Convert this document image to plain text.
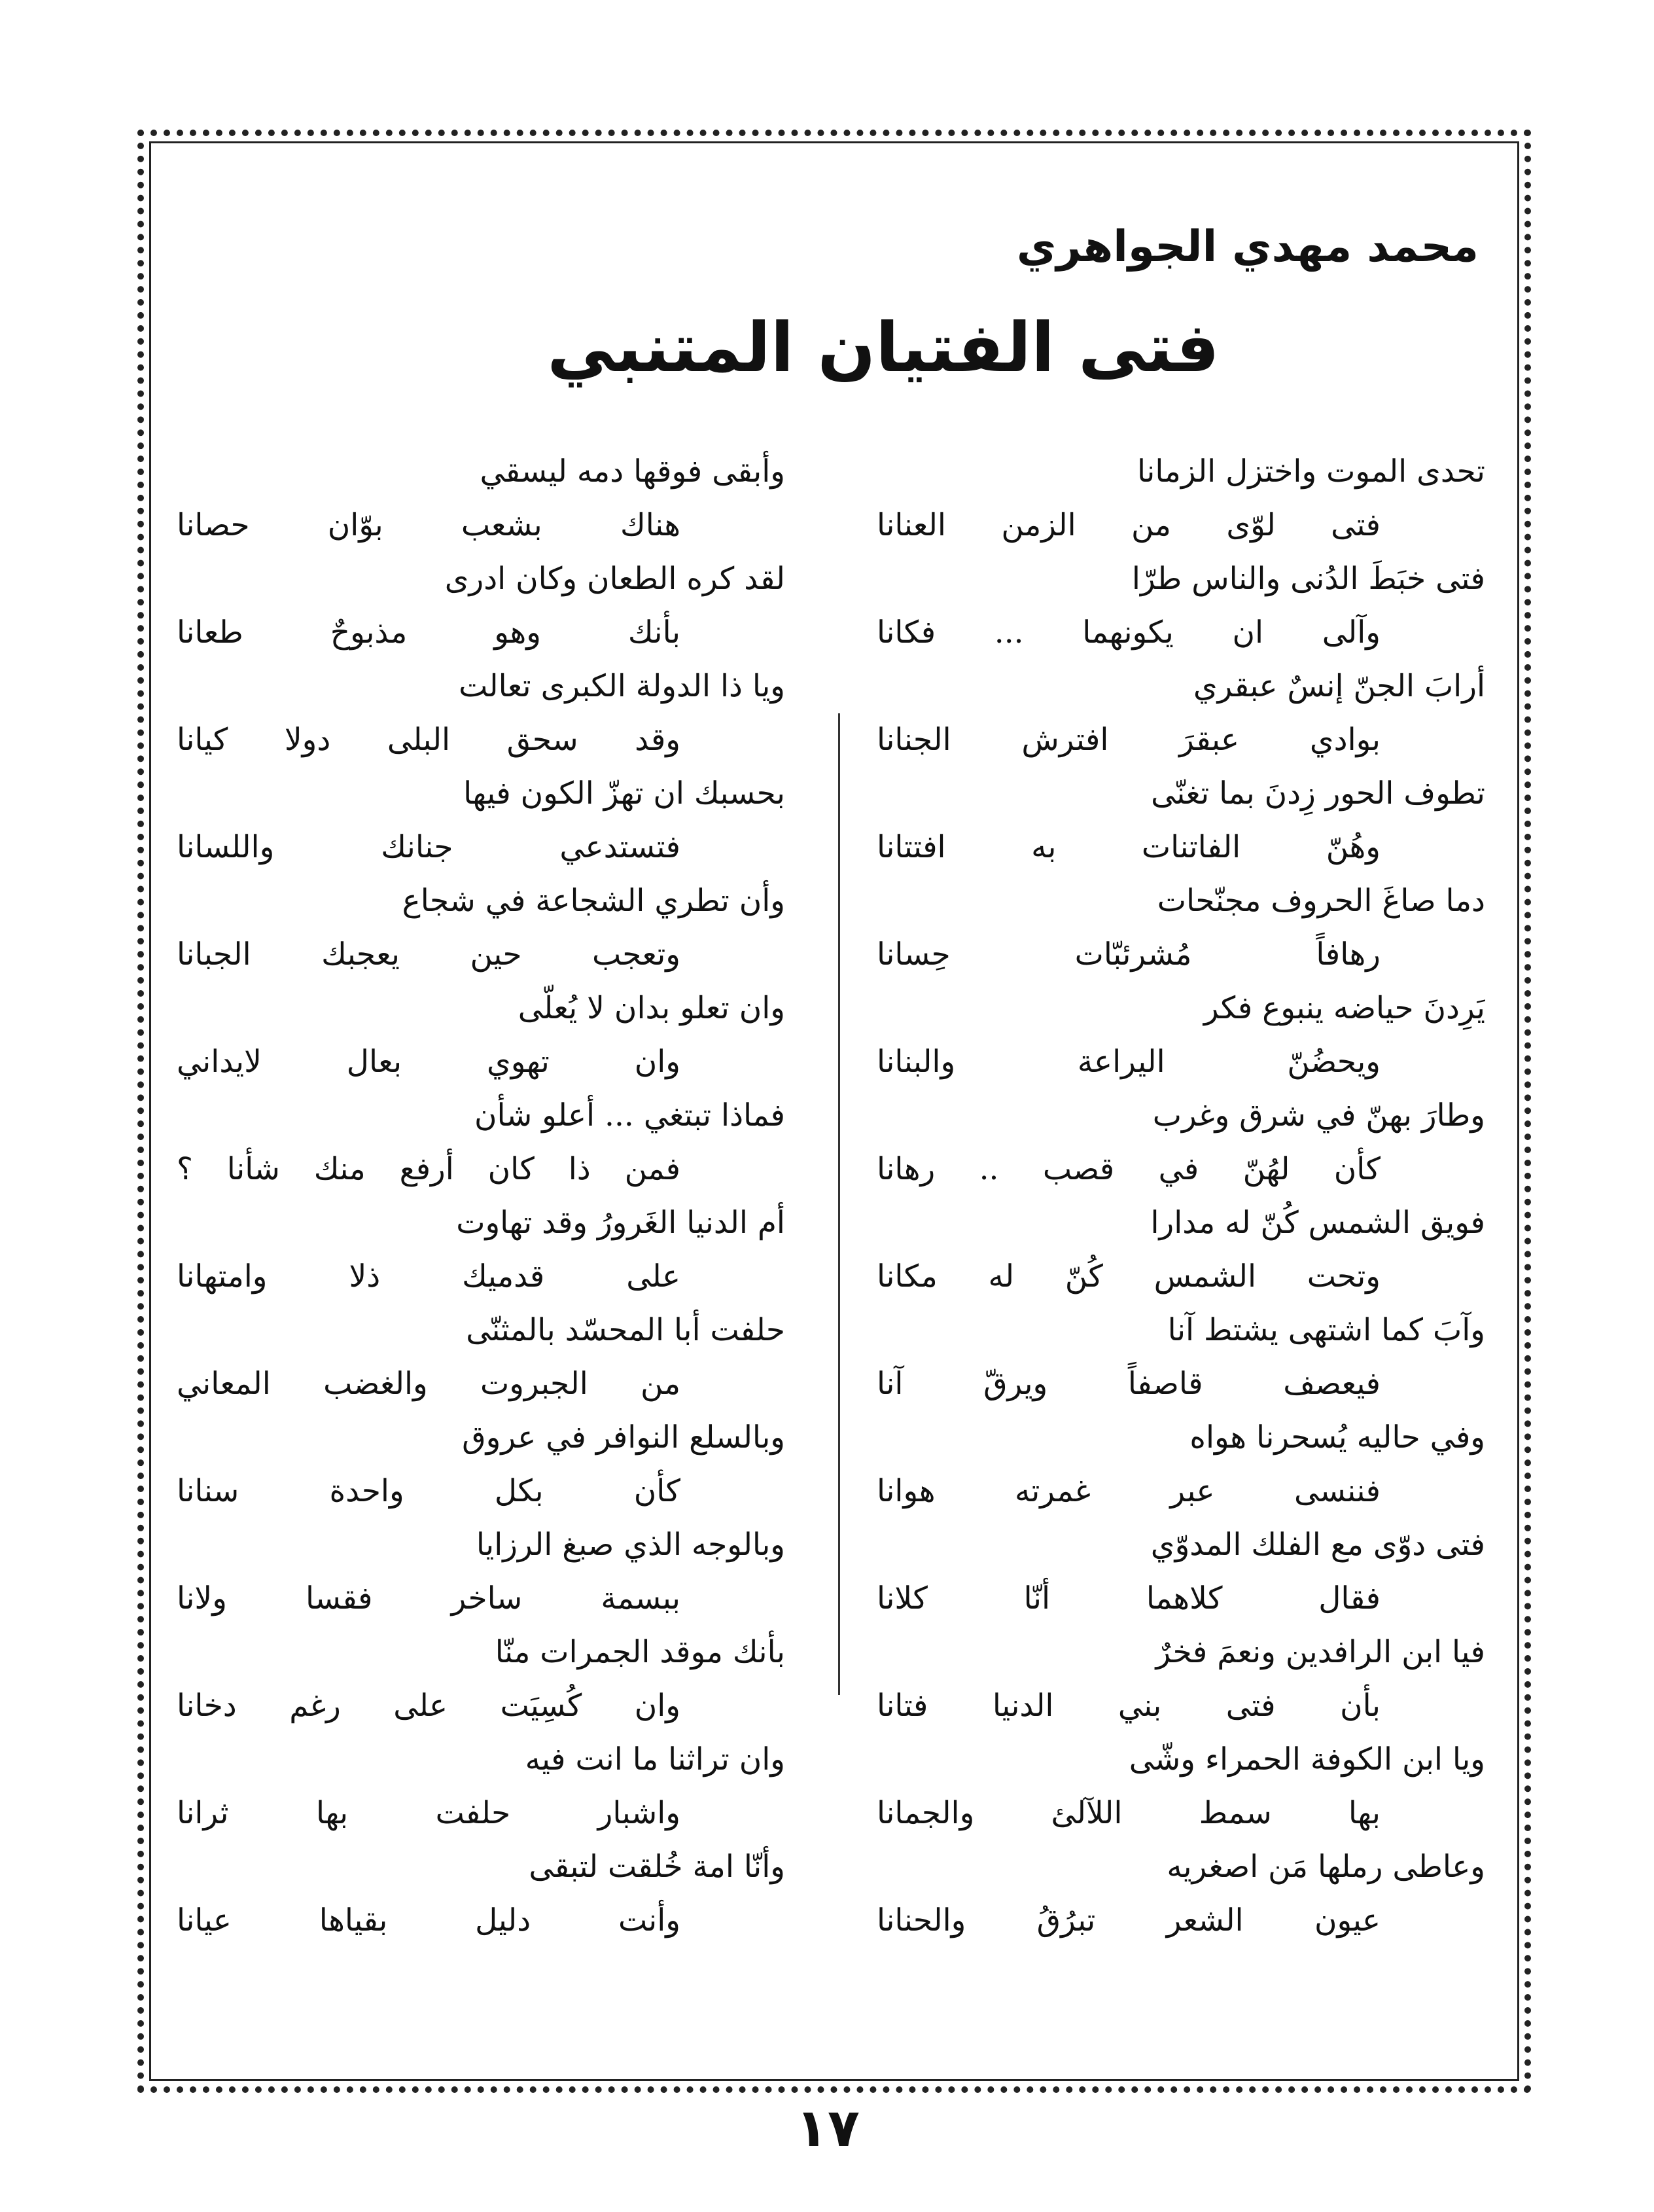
محمد مهدي الجواهري
فتى الفتيان المتنبي
تحدى الموت واختزل الزمانا
فتى لوّى من الزمن العنانا
فتى خبَطَ الدُنى والناس طرّا
وآلى ان يكونهما ... فكانا
أرابَ الجنّ إنسٌ عبقري
بوادي عبقرَ افترش الجنانا
تطوف الحور زِدنَ بما تغنّى
وهُنّ الفاتنات به افتتانا
دما صاغَ الحروف مجنّحات
رهافاً مُشرئبّات حِسانا
يَرِدنَ حياضه ينبوع فكر
ويحضُنّ اليراعة والبنانا
وطارَ بهنّ في شرق وغرب
كأن لهُنّ في قصب .. رهانا
فويق الشمس كُنّ له مدارا
وتحت الشمس كُنّ له مكانا
وآبَ كما اشتهى يشتط آنا
فيعصف قاصفاً ويرقّ آنا
وفي حاليه يُسحرنا هواه
فننسى عبر غمرته هوانا
فتى دوّى مع الفلك المدوّي
فقال كلاهما أنّا كلانا
فيا ابن الرافدين ونعمَ فخرٌ
بأن فتى بني الدنيا فتانا
ويا ابن الكوفة الحمراء وشّى
بها سمط اللآلئ والجمانا
وعاطى رملها مَن اصغريه
عيون الشعر تبرُقُ والحنانا
وأبقى فوقها دمه ليسقي
هناك بشعب بوّان حصانا
لقد كره الطعان وكان ادرى
بأنك وهو مذبوحٌ طعانا
ويا ذا الدولة الكبرى تعالت
وقد سحق البلى دولا كيانا
بحسبك ان تهزّ الكون فيها
فتستدعي جنانك واللسانا
وأن تطري الشجاعة في شجاع
وتعجب حين يعجبك الجبانا
وان تعلو بدان لا يُعلّى
وان تهوي بعال لايداني
فماذا تبتغي ... أعلو شأن
فمن ذا كان أرفع منك شأنا ؟
أم الدنيا الغَرورُ وقد تهاوت
على قدميك ذلا وامتهانا
حلفت أبا المحسّد بالمثنّى
من الجبروت والغضب المعاني
وبالسلع النوافر في عروق
كأن بكل واحدة سنانا
وبالوجه الذي صبغ الرزايا
ببسمة ساخر فقسا ولانا
بأنك موقد الجمرات منّا
وان كُسِيَت على رغم دخانا
وان تراثنا ما انت فيه
واشبار حلفت بها ثرانا
وأنّا امة خُلقت لتبقى
وأنت دليل بقياها عيانا
١٧
